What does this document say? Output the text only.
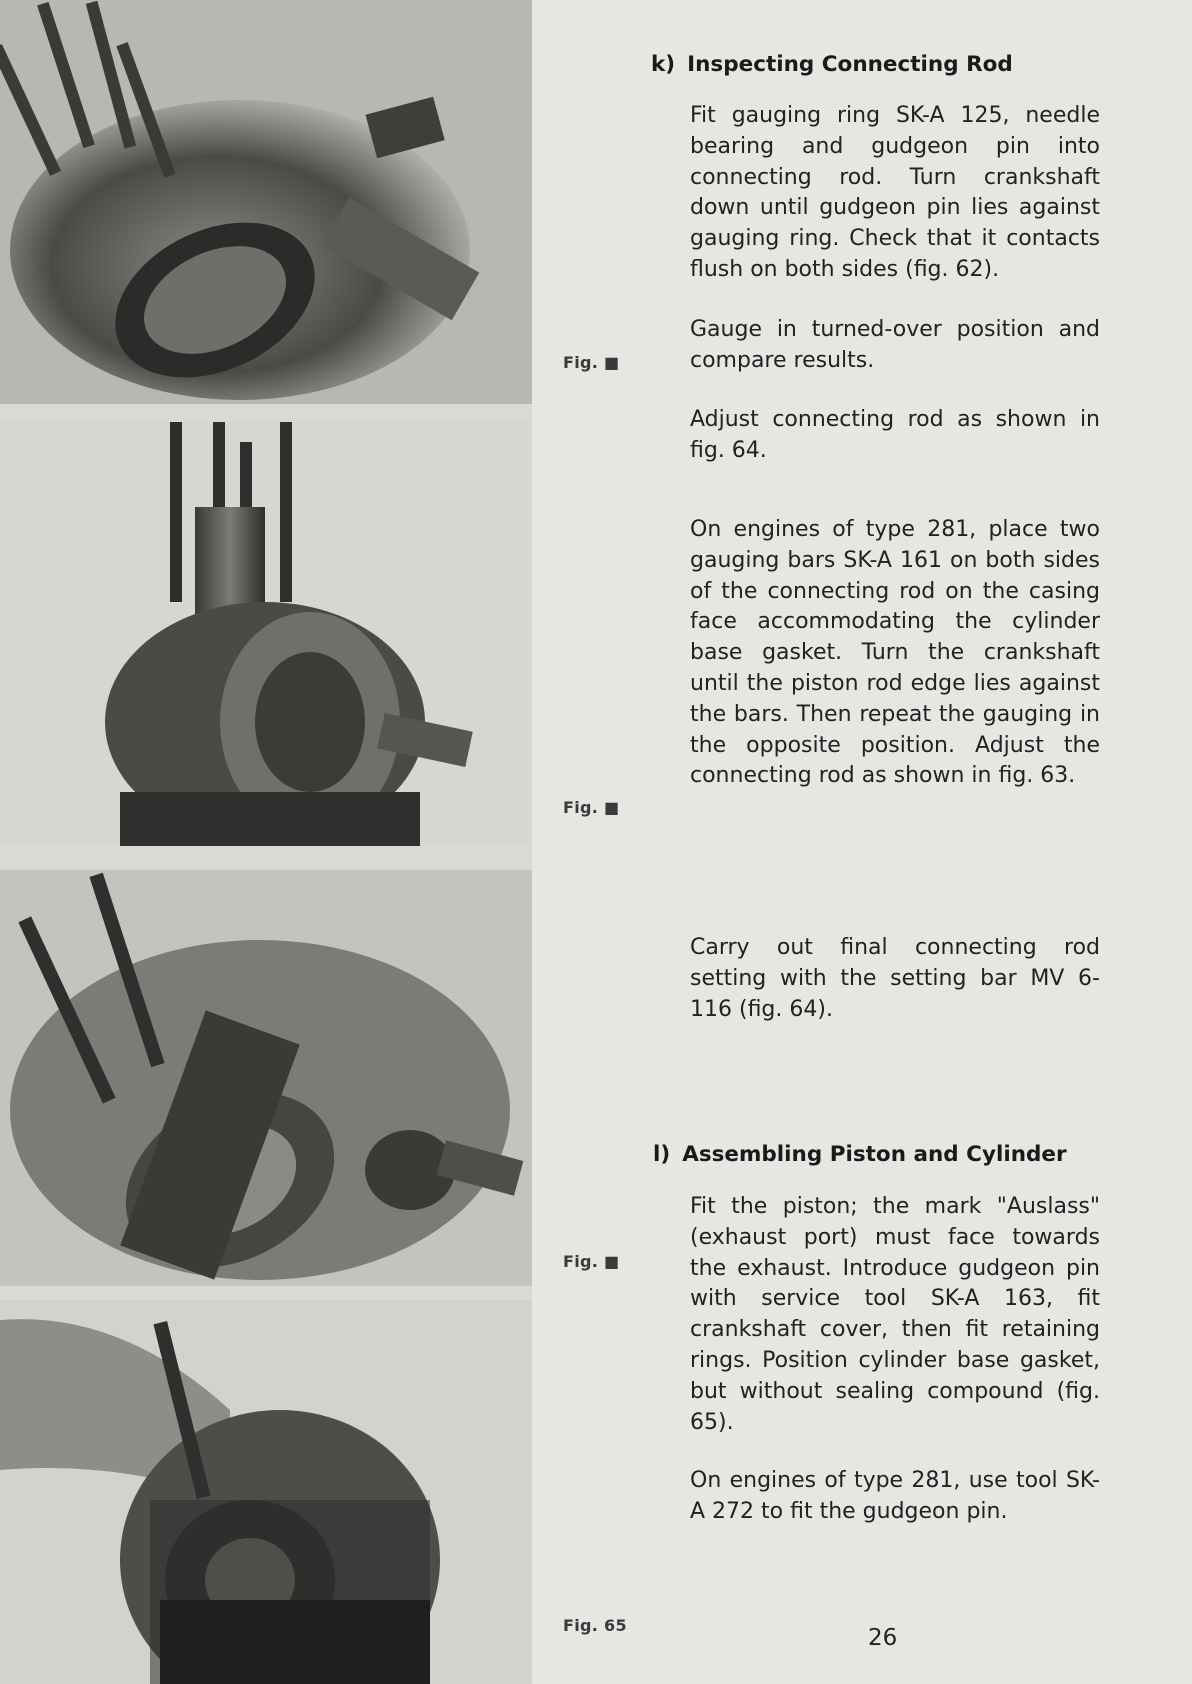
Fig. ■
Fig. ■
Fig. ■
Fig. 65
k) Inspecting Connecting Rod

Fit gauging ring SK-A 125, needle bearing and gudgeon pin into connecting rod. Turn crankshaft down until gudgeon pin lies against gauging ring. Check that it contacts flush on both sides (fig. 62).

Gauge in turned-over position and compare results.

Adjust connecting rod as shown in fig. 64.

On engines of type 281, place two gauging bars SK-A 161 on both sides of the connecting rod on the casing face accommodating the cylinder base gasket. Turn the crankshaft until the piston rod edge lies against the bars. Then repeat the gauging in the opposite position. Adjust the connecting rod as shown in fig. 63.

Carry out final connecting rod setting with the setting bar MV 6-116 (fig. 64).

l) Assembling Piston and Cylinder

Fit the piston; the mark "Auslass" (exhaust port) must face towards the exhaust. Introduce gudgeon pin with service tool SK-A 163, fit crankshaft cover, then fit retaining rings. Position cylinder base gasket, but without sealing compound (fig. 65).

On engines of type 281, use tool SK-A 272 to fit the gudgeon pin.

26
